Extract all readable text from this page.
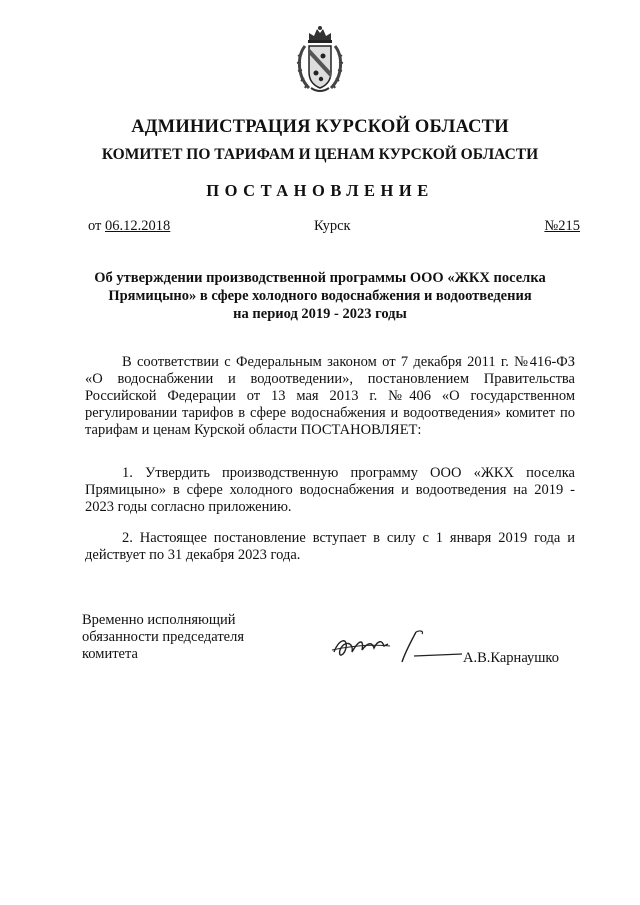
АДМИНИСТРАЦИЯ КУРСКОЙ ОБЛАСТИ
КОМИТЕТ ПО ТАРИФАМ И ЦЕНАМ КУРСКОЙ ОБЛАСТИ
ПОСТАНОВЛЕНИЕ
от 06.12.2018	Курск	№215
Об утверждении производственной программы ООО «ЖКХ поселка
Прямицыно» в сфере холодного водоснабжения и водоотведения
на период 2019 - 2023 годы
В соответствии с Федеральным законом от 7 декабря 2011 г. №416-ФЗ «О водоснабжении и водоотведении», постановлением Правительства Российской Федерации от 13 мая 2013 г. №406 «О государственном регулировании тарифов в сфере водоснабжения и водоотведения» комитет по тарифам и ценам Курской области ПОСТАНОВЛЯЕТ:
1. Утвердить производственную программу ООО «ЖКХ поселка Прямицыно» в сфере холодного водоснабжения и водоотведения на 2019 - 2023 годы согласно приложению.
2. Настоящее постановление вступает в силу с 1 января 2019 года и действует по 31 декабря 2023 года.
Временно исполняющий
обязанности председателя
комитета	А.В.Карнаушко
